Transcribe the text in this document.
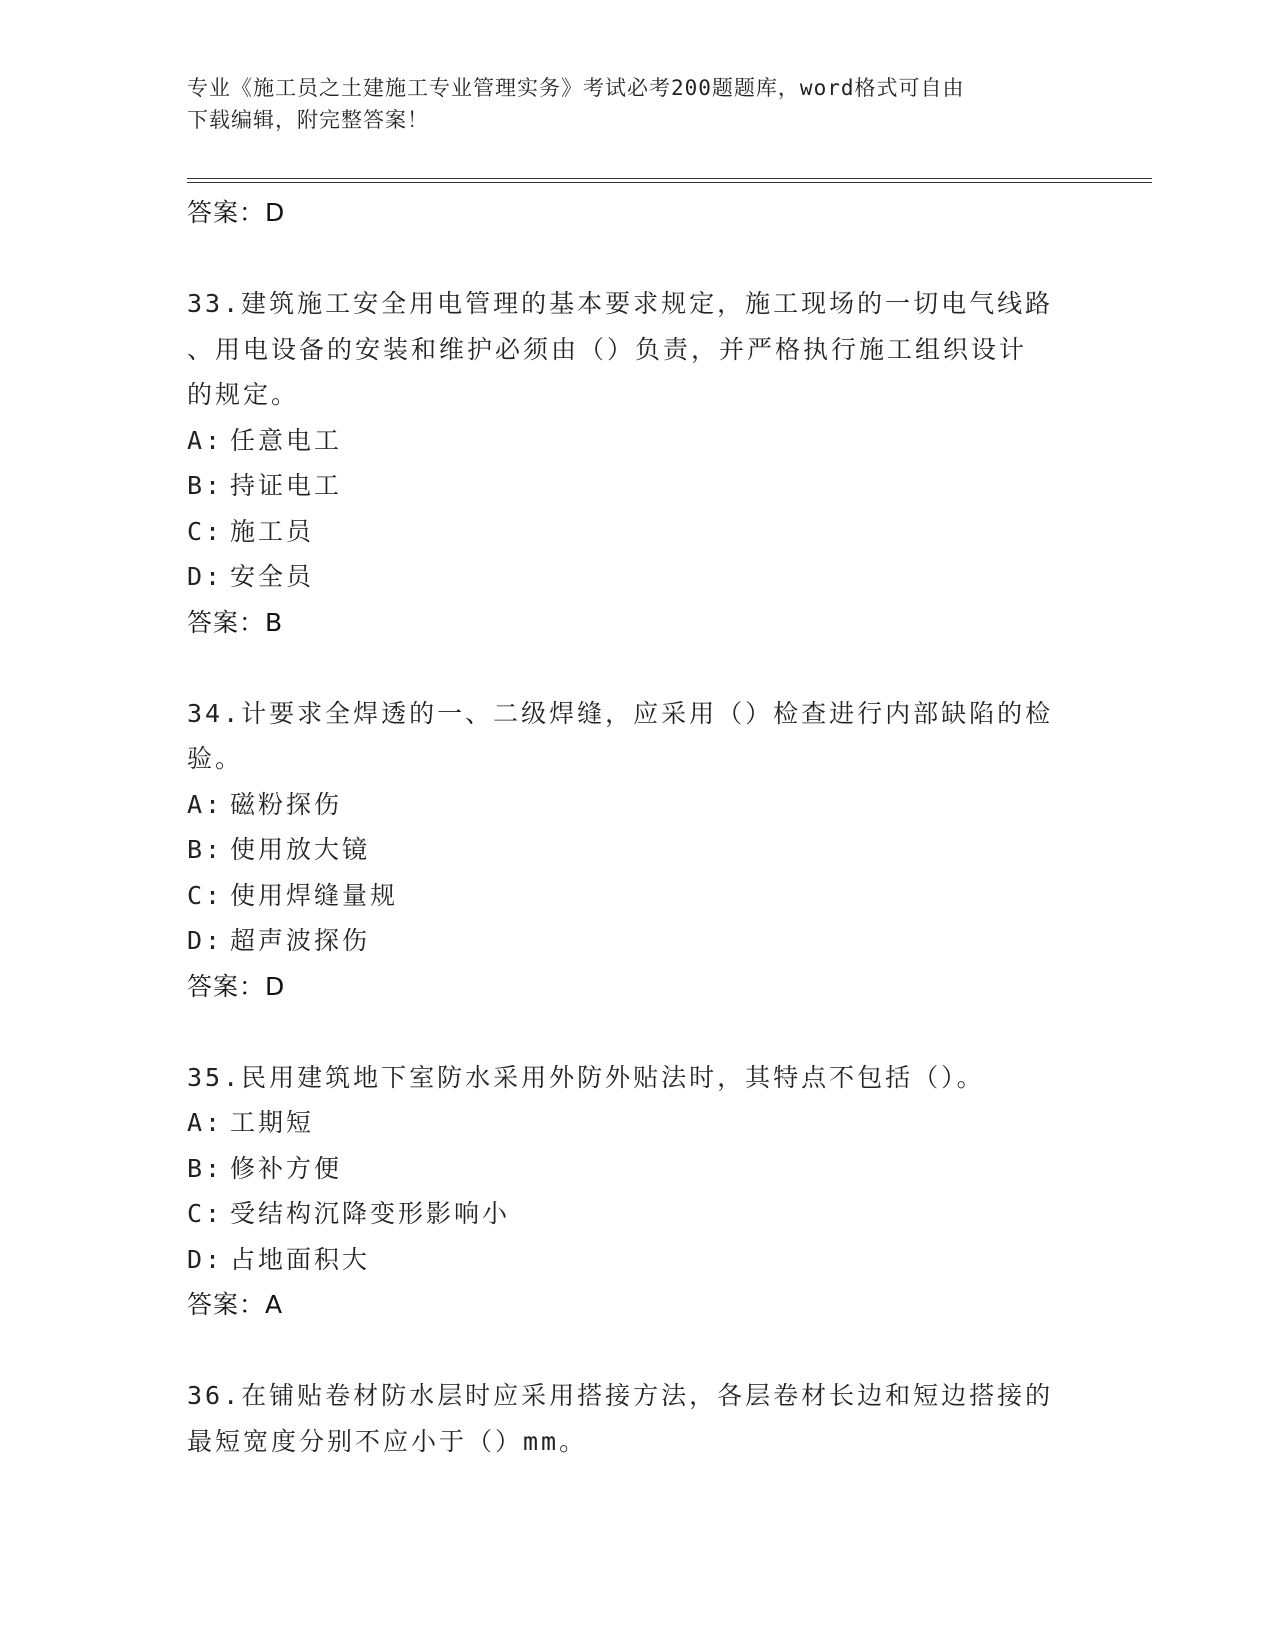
专业《施工员之土建施工专业管理实务》考试必考200题题库，word格式可自由
下载编辑，附完整答案！
答案：D
33.建筑施工安全用电管理的基本要求规定，施工现场的一切电气线路
、用电设备的安装和维护必须由（）负责，并严格执行施工组织设计
的规定。
A: 任意电工
B: 持证电工
C: 施工员
D: 安全员
答案：B
34.计要求全焊透的一、二级焊缝，应采用（）检查进行内部缺陷的检
验。
A: 磁粉探伤
B: 使用放大镜
C: 使用焊缝量规
D: 超声波探伤
答案：D
35.民用建筑地下室防水采用外防外贴法时，其特点不包括（）。
A: 工期短
B: 修补方便
C: 受结构沉降变形影响小
D: 占地面积大
答案：A
36.在铺贴卷材防水层时应采用搭接方法，各层卷材长边和短边搭接的
最短宽度分别不应小于（）mm。
